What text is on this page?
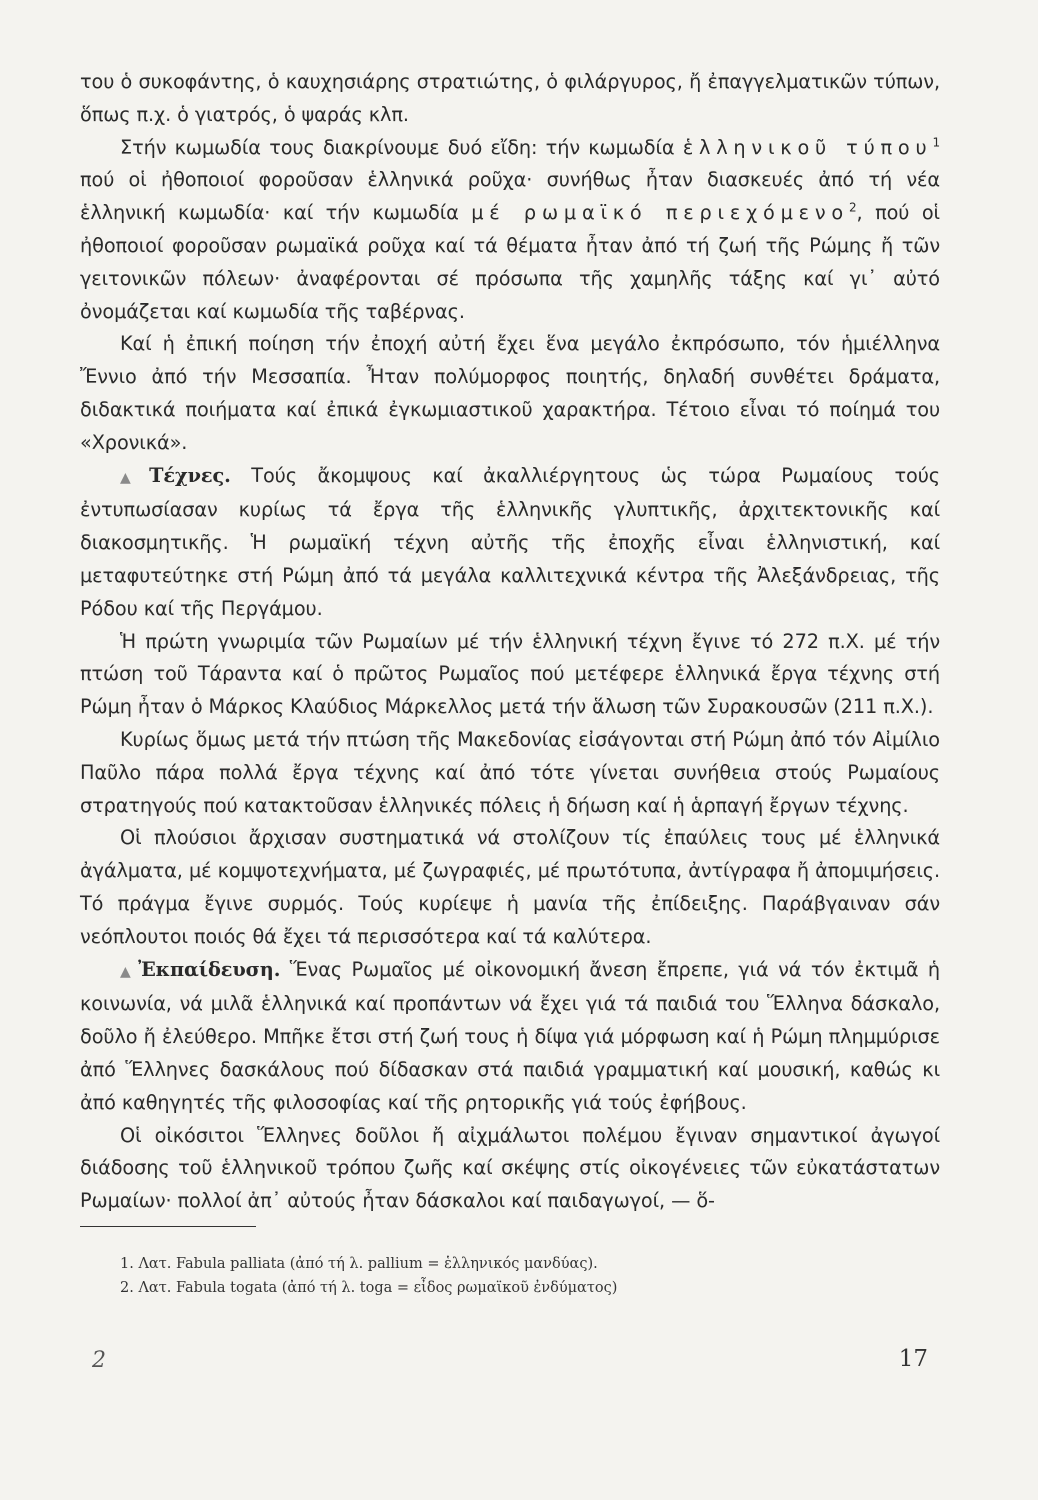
του ὁ συκοφάντης, ὁ καυχησιάρης στρατιώτης, ὁ φιλάργυρος, ἤ ἐπαγγελματικῶν τύπων, ὅπως π.χ. ὁ γιατρός, ὁ ψαράς κλπ.

Στήν κωμωδία τους διακρίνουμε δυό εἴδη: τήν κωμωδία ἑλληνικοῦ τύπου$^1$ πού οἱ ἠθοποιοί φοροῦσαν ἑλληνικά ροῦχα· συνήθως ἦταν διασκευές ἀπό τή νέα ἑλληνική κωμωδία· καί τήν κωμωδία μέ ρωμαϊκό περιεχόμενο$^2$, πού οἱ ἠθοποιοί φοροῦσαν ρωμαϊκά ροῦχα καί τά θέματα ἦταν ἀπό τή ζωή τῆς Ρώμης ἤ τῶν γειτονικῶν πόλεων· ἀναφέρονται σέ πρόσωπα τῆς χαμηλῆς τάξης καί γι᾽ αὐτό ὀνομάζεται καί κωμωδία τῆς ταβέρνας.

Καί ἡ ἐπική ποίηση τήν ἐποχή αὐτή ἔχει ἕνα μεγάλο ἐκπρόσωπο, τόν ἡμιέλληνα Ἔννιο ἀπό τήν Μεσσαπία. Ἦταν πολύμορφος ποιητής, δηλαδή συνθέτει δράματα, διδακτικά ποιήματα καί ἐπικά ἐγκωμιαστικοῦ χαρακτήρα. Τέτοιο εἶναι τό ποίημά του «Χρονικά».

▲ Τέχνες. Τούς ἄκομψους καί ἀκαλλιέργητους ὡς τώρα Ρωμαίους τούς ἐντυπωσίασαν κυρίως τά ἔργα τῆς ἑλληνικῆς γλυπτικῆς, ἀρχιτεκτονικῆς καί διακοσμητικῆς. Ἡ ρωμαϊκή τέχνη αὐτῆς τῆς ἐποχῆς εἶναι ἑλληνιστική, καί μεταφυτεύτηκε στή Ρώμη ἀπό τά μεγάλα καλλιτεχνικά κέντρα τῆς Ἀλεξάνδρειας, τῆς Ρόδου καί τῆς Περγάμου.

Ἡ πρώτη γνωριμία τῶν Ρωμαίων μέ τήν ἑλληνική τέχνη ἔγινε τό 272 π.Χ. μέ τήν πτώση τοῦ Τάραντα καί ὁ πρῶτος Ρωμαῖος πού μετέφερε ἑλληνικά ἔργα τέχνης στή Ρώμη ἦταν ὁ Μάρκος Κλαύδιος Μάρκελλος μετά τήν ἅλωση τῶν Συρακουσῶν (211 π.Χ.).

Κυρίως ὅμως μετά τήν πτώση τῆς Μακεδονίας εἰσάγονται στή Ρώμη ἀπό τόν Αἰμίλιο Παῦλο πάρα πολλά ἔργα τέχνης καί ἀπό τότε γίνεται συνήθεια στούς Ρωμαίους στρατηγούς πού κατακτοῦσαν ἑλληνικές πόλεις ἡ δήωση καί ἡ ἁρπαγή ἔργων τέχνης.

Οἱ πλούσιοι ἄρχισαν συστηματικά νά στολίζουν τίς ἐπαύλεις τους μέ ἑλληνικά ἀγάλματα, μέ κομψοτεχνήματα, μέ ζωγραφιές, μέ πρωτότυπα, ἀντίγραφα ἤ ἀπομιμήσεις. Τό πράγμα ἔγινε συρμός. Τούς κυρίεψε ἡ μανία τῆς ἐπίδειξης. Παράβγαιναν σάν νεόπλουτοι ποιός θά ἔχει τά περισσότερα καί τά καλύτερα.

▲ Ἐκπαίδευση. Ἕνας Ρωμαῖος μέ οἰκονομική ἄνεση ἔπρεπε, γιά νά τόν ἐκτιμᾶ ἡ κοινωνία, νά μιλᾶ ἑλληνικά καί προπάντων νά ἔχει γιά τά παιδιά του Ἕλληνα δάσκαλο, δοῦλο ἤ ἐλεύθερο. Μπῆκε ἔτσι στή ζωή τους ἡ δίψα γιά μόρφωση καί ἡ Ρώμη πλημμύρισε ἀπό Ἕλληνες δασκάλους πού δίδασκαν στά παιδιά γραμματική καί μουσική, καθώς κι ἀπό καθηγητές τῆς φιλοσοφίας καί τῆς ρητορικῆς γιά τούς ἐφήβους.

Οἱ οἰκόσιτοι Ἕλληνες δοῦλοι ἤ αἰχμάλωτοι πολέμου ἔγιναν σημαντικοί ἀγωγοί διάδοσης τοῦ ἑλληνικοῦ τρόπου ζωῆς καί σκέψης στίς οἰκογένειες τῶν εὐκατάστατων Ρωμαίων· πολλοί ἀπ᾽ αὐτούς ἦταν δάσκαλοι καί παιδαγωγοί, — ὅ-

1. Λατ. Fabula palliata (ἀπό τή λ. pallium = ἑλληνικός μανδύας).
2. Λατ. Fabula togata (ἀπό τή λ. toga = εἶδος ρωμαϊκοῦ ἐνδύματος)
2	17
